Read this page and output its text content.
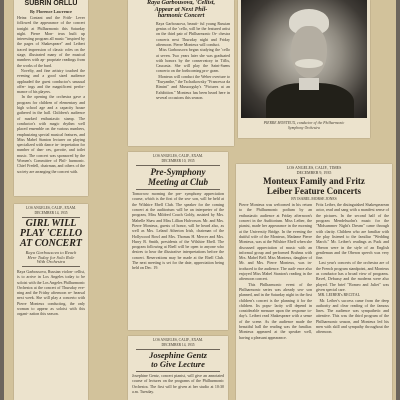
SUBRIN ORLLU
By Florence Lawrence

Heinz Contant and the Frith- Lever followed the appearance of the concert tonight at Philharmonic this Saturday night. Pierre Mon- teux built up interesting program all music "inspired by the pages of Shakespeare" and Leibert traced impression of classic roles on the stage, illustrated many of the musical numbers with ap- propriate readings from the works of the bard.
Novelty, and fine artistry touched the evening and a good sized audience applauded the guest conductor's unusual offer- ings and the magnificent perfor- mance of his players.
In the opening the orchestra gave a program for children of elementary and high school age and a capacity house gathered in the hall. Children's audience of marked enthusiastic stamp. The conductor's with magic rhythm well placed ensemble on the various numbers, emphasizing special musical features, and Miss Mabel Stanton lecturer on playing specialized with dance in- terpretation for number of dan- ces, gavotte, and toilet music. The concert was sponsored by the Women's Committee of Phil- harmonic. Chief Fredell, chairman, and others of the society are arranging the concert with.

LOS ANGELES, CALIF., EXAM.
DECEMBER 14, 1935
GIRL WILL
PLAY 'CELLO
AT CONCERT
Raya Garbousova to Reach
Here Today for Solo Role
With Orchestra

Raya Garbousova, Russian violon- cellist, is to arrive in Los Angeles today to be soloist with the Los Angeles Philharmonic Orchestra at the concert of Thursday eve- ning and the Friday afternoon re- hearsal next week. She will play a concerto with Pierre Monteux conducting, the only woman to appear as soloist with this organi- zation this season.

Raya Garbousova, 'Cellist,
Appear at Next Phil-
harmonic Concert

Raya Garbousova, beauti- ful young Russian genius of the 'cello, will be the featured artist on the third pair of Philharmonic Or- chestra concerts next Thursday night and Friday afternoon. Pierre Monteux will conduct.
Miss Garbousova began studying the 'cello at seven. Two years later she was graduated with honors by the conservatory in Tiflis, Caucasia. She will play the Saint-Saens concerto on the forthcoming pro- gram.
Monteux will conduct the Weber overture to "Euryanthe," the Tschaikowsky "Francesca da Rimini" and Mussorgsky's "Pictures at an Exhibition." Monteux has been heard here in several occasions this season.

PIERRE MONTEUX, conductor of the Philharmonic
Symphony Orchestra
LOS ANGELES, CALIF., EXAM.
DECEMBER 10, 1935
Pre-Symphony
Meeting at Club

Tomorrow morning the pre- symphony appreciation course, which is the first of the sea- son, will be held at the Wilshire Ebell Club. The speaker for the coming concert at the auditorium will be an interpreter of the program, Miss Mildred Couch Goldy, assisted by Mrs. Mabelle Shaw and Miss Lillian Halvorson. Mr. and Mrs. Pierre Monteux, guests of honor, will be heard also, as well as Mrs. Leland Atherton Irish, chairman of the Hollywood Bowl and Mrs. Thomas H. Mercer and Mrs. Harry B. Smith, presidents of the Wilshire Ebell. The program following at Ebell will be open to anyone who desires to hear the illustrative interpretations before the concert. Reservations may be made at the Ebell Club. The next meeting is set for the date, appreciation being held on Dec. 19.

LOS ANGELES, CALIF., EXAM.
DECEMBER 14, 1935
Josephine Gentz
to Give Lecture

Josephine Gentz, concert pianist, will give an annotated course of lectures on the programs of the Philharmonic Orchestra. The first will be given at her studio at 10:30 a.m. Tuesday.

LOS ANGELES, CALIF., TIMES
DECEMBER 9, 1935
Monteux Family and Fritz
Leiber Feature Concerts
BY ISABEL MORSE JONES

Pierre Monteux was welcomed in his return to the Philharmonic podium by an enthusiastic audience at Friday afternoon's concert in the Auditorium. Miss Leiber, the pianist, made her appearance in the morning at the University Bridge. In the evening the dutiful wife of the Monteux, Madame Pierre Monteux, was at the Wilshire Ebell when she discussed appreciation of music with an informal group and performed Brahms with Mrs. Mabel Bell. Miss Monteux, daughter of Mr. and Mrs. Pierre Monteux, was in- troduced to the audience. The audi- ence also enjoyed Miss Mabel Stanton's reading in the afternoon concert.
This Philharmonic event of the Philharmonic series was already sea- son planned, and in the Saturday night in the first children's concert is the planning it for the children. Its popu- larity will depend in considerable measure upon the response to- day's. Leibert read Shakespeare with a sense of the scene. As the audience made the beautiful hall the reading was the familiar. Monteux appeared at the speaker well, having a pleasant appearance.

Fritz Leiber, the distinguished Shakespearean actor, read and sang with a manifest sense of the pictures. In the second half of the program Mendelssohn's music for the "Midsummer Night's Dream" came through with clarity. Children who are familiar with the play listened to the familiar "Wedding March." Mr. Leiber's readings as Puck and Oberon were in the style of an English gentleman and the Oberon speech was very fine.
Last year's concerts of the orchestra are of the French program standpoint, and Monteux as conductor has a broad view of programs. Ravel, Debussy and the moderns were also played. The brief "Romeo and Juliet" was given special care.
MR. LEIBER's RECITAL
Mr. Leiber's success came from the deep authority and clear reading of the famous lines. The audience was sympathetic and attentive. This was the third program of the Philharmonic season, and Monteux led his men with skill and sympathy throughout the afternoon.
